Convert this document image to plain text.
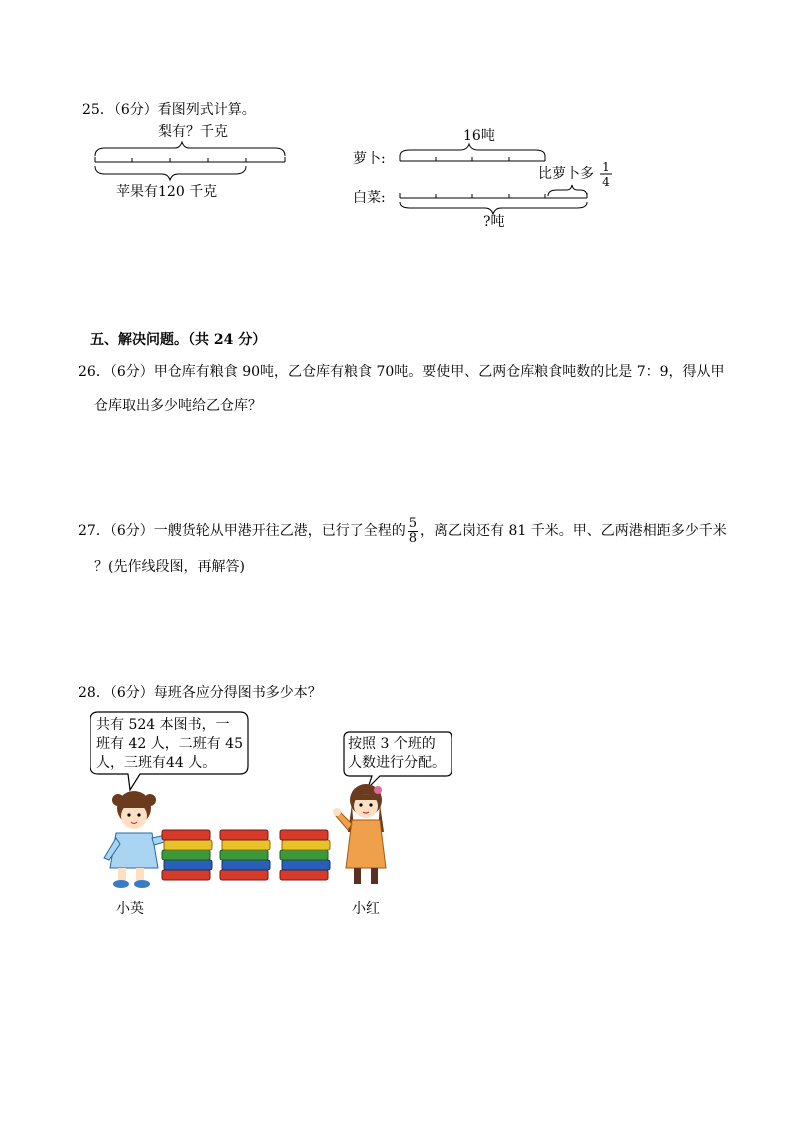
25．（6分）看图列式计算。
梨有？千克
苹果有120 千克
16吨
萝卜:
比萝卜多 1
4
白菜:
?吨
五、解决问题。（共 24 分）
26．（6分）甲仓库有粮食 90吨，乙仓库有粮食 70吨。要使甲、乙两仓库粮食吨数的比是 7：9，得从甲
仓库取出多少吨给乙仓库？
27．（6分）一艘货轮从甲港开往乙港，已行了全程的 $\frac{5}{8}$ ，离乙岗还有 81 千米。甲、乙两港相距多少千米
？(先作线段图，再解答)
28．（6分）每班各应分得图书多少本？
共有 524 本图书，一
班有 42 人，二班有 45
人，三班有44 人。
按照 3 个班的
人数进行分配。
小英	小红
